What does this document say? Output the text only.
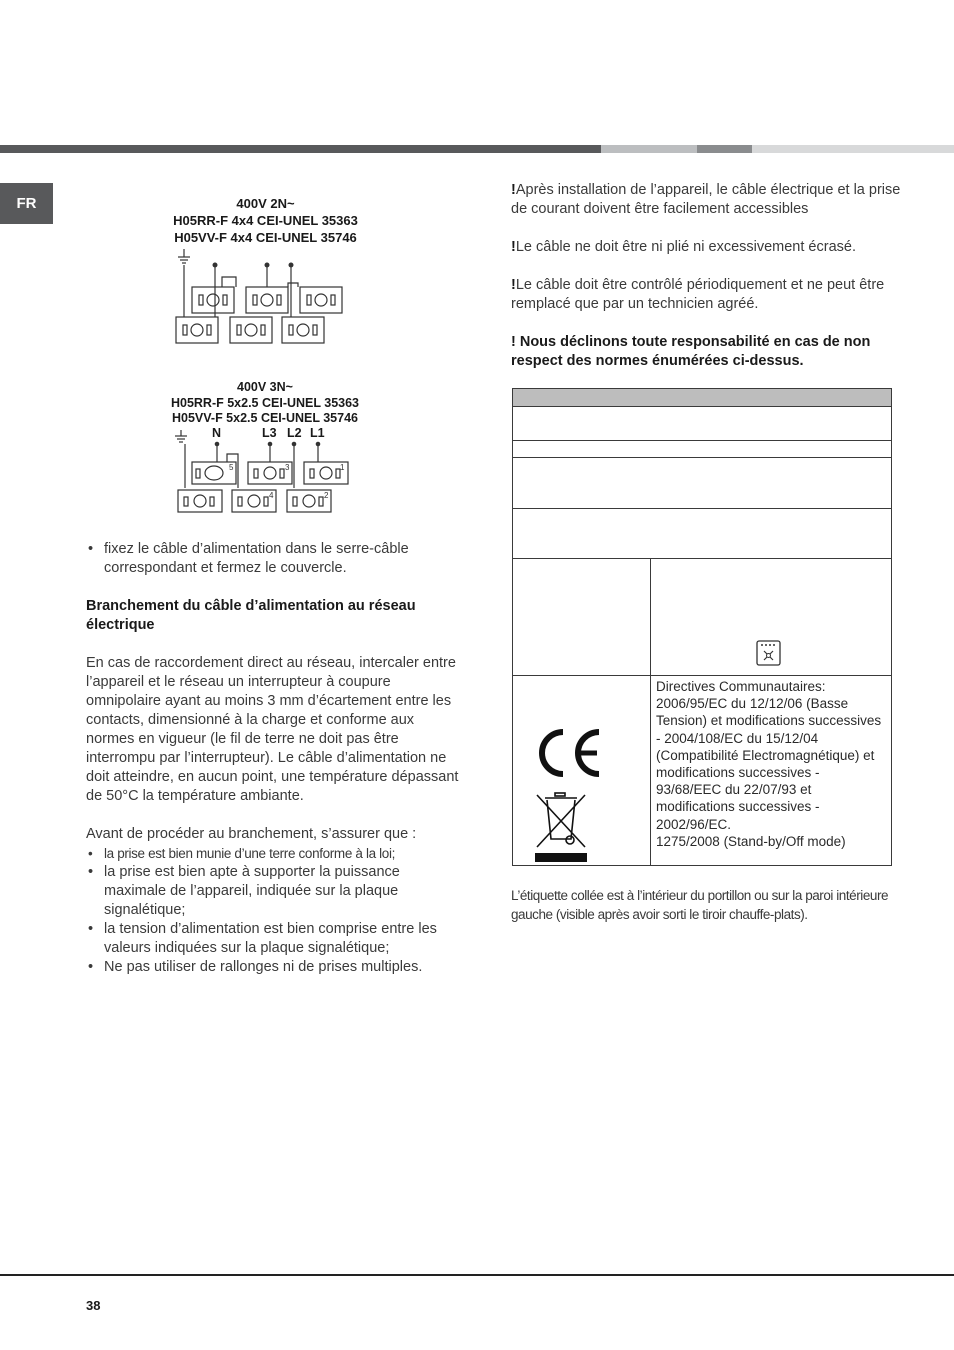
FR	400V 2N~
H05RR-F 4x4 CEI-UNEL 35363
H05VV-F 4x4 CEI-UNEL 35746
400V 3N~
H05RR-F 5x2.5 CEI-UNEL 35363
H05VV-F 5x2.5 CEI-UNEL 35746
N	L3 L2 L1
5	3	1
4	2

• fixez le câble d’alimentation dans le serre-câble correspondant et fermez le couvercle.

Branchement du câble d’alimentation au réseau électrique

En cas de raccordement direct au réseau, intercaler entre l’appareil et le réseau un interrupteur à coupure omnipolaire ayant au moins 3 mm d’écartement entre les contacts, dimensionné à la charge et conforme aux normes en vigueur (le fil de terre ne doit pas être interrompu par l’interrupteur). Le câble d’alimentation ne doit atteindre, en aucun point, une température dépassant de 50°C la température ambiante.

Avant de procéder au branchement, s’assurer que :

• la prise est bien munie d’une terre conforme à la loi;

• la prise est bien apte à supporter la puissance maximale de l’appareil, indiquée sur la plaque signalétique;

• la tension d’alimentation est bien comprise entre les valeurs indiquées sur la plaque signalétique;

• Ne pas utiliser de rallonges ni de prises multiples.

!Après installation de l’appareil, le câble électrique et la prise de courant doivent être facilement accessibles

!Le câble ne doit être ni plié ni excessivement écrasé.

!Le câble doit être contrôlé périodiquement et ne peut être remplacé que par un technicien agréé.

! Nous déclinons toute responsabilité en cas de non respect des normes énumérées ci-dessus.

Directives Communautaires: 2006/95/EC du 12/12/06 (Basse Tension) et modifications successives - 2004/108/EC du 15/12/04 (Compatibilité Electromagnétique) et modifications successives - 93/68/EEC du 22/07/93 et modifications successives - 2002/96/EC.
1275/2008 (Stand-by/Off mode)
L’étiquette collée est à l’intérieur du portillon ou sur la paroi intérieure gauche (visible après avoir sorti le tiroir chauffe-plats).
38
